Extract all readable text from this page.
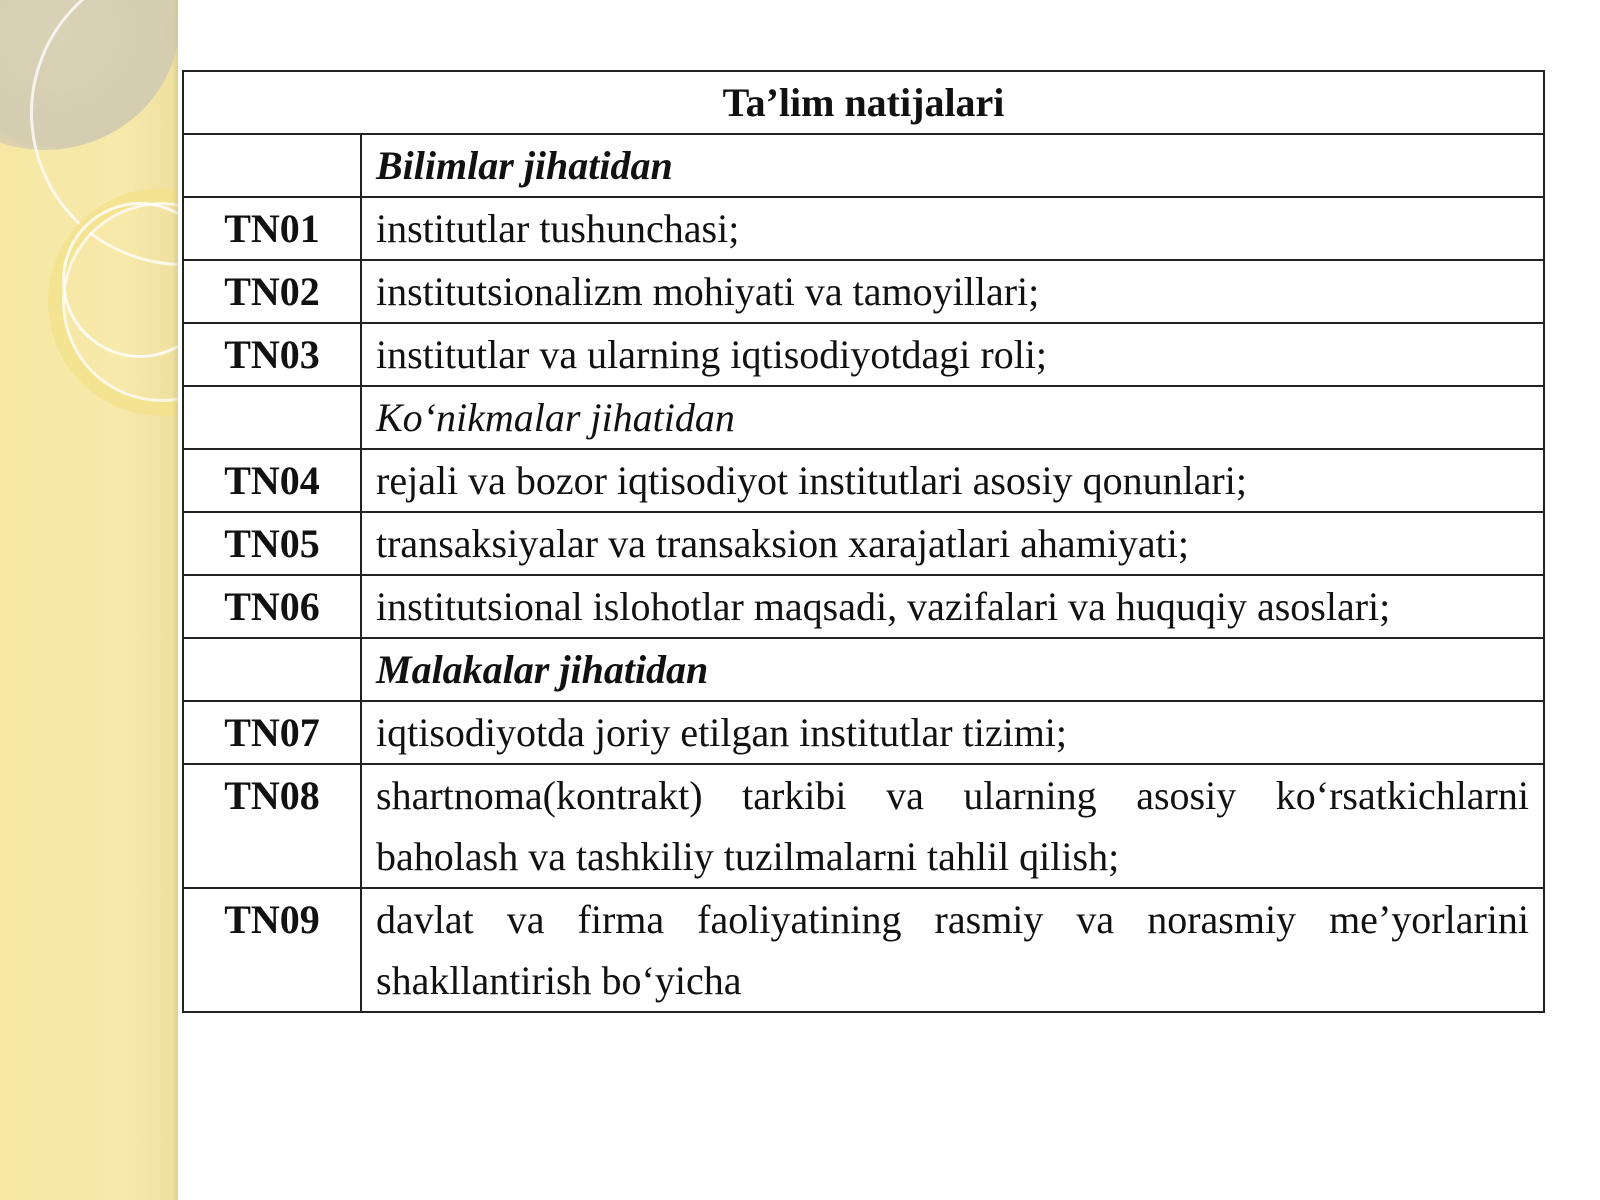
Ta’lim natijalari	
	Bilimlar jihatidan
TN01	institutlar tushunchasi;
TN02	institutsionalizm mohiyati va tamoyillari;
TN03	institutlar va ularning iqtisodiyotdagi roli;
	Ko‘nikmalar jihatidan
TN04	rejali va bozor iqtisodiyot institutlari asosiy qonunlari;
TN05	transaksiyalar va transaksion xarajatlari ahamiyati;
TN06	institutsional islohotlar maqsadi, vazifalari va huquqiy asoslari;
	Malakalar jihatidan
TN07	iqtisodiyotda joriy etilgan institutlar tizimi;
TN08	shartnoma(kontrakt) tarkibi va ularning asosiy ko‘rsatkichlarni baholash va tashkiliy tuzilmalarni tahlil qilish;
TN09	davlat va firma faoliyatining rasmiy va norasmiy me’yorlarini shakllantirish bo‘yicha
